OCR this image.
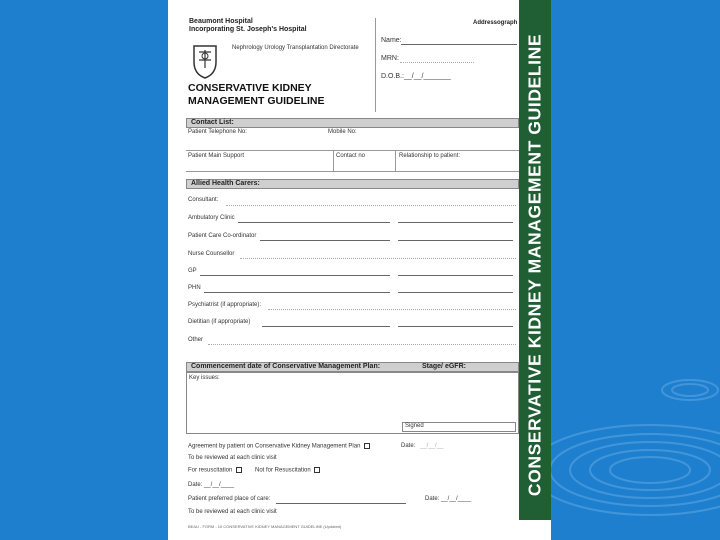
CONSERVATIVE KIDNEY MANAGEMENT GUIDELINE
Beaumont Hospital
Incorporating St. Joseph's Hospital
Nephrology Urology Transplantation Directorate
CONSERVATIVE KIDNEY
MANAGEMENT GUIDELINE
Addressograph
Name:
MRN:
D.O.B.: __/__/_______
Contact List:
Patient Telephone No:	Mobile No:
Patient Main Support	Contact no	Relationship to patient:
Allied Health Carers:
Consultant:
Ambulatory Clinic
Patient Care Co-ordinator
Nurse Counsellor
GP
PHN
Psychiatrist (if appropriate):
Dietitian (if appropriate)
Other
Commencement date of Conservative Management Plan:	Stage/ eGFR:
Key issues:
Signed
Agreement by patient on Conservative Kidney Management Plan	Date: __/__/__
To be reviewed at each clinic visit
For resuscitation	Not for Resuscitation
Date: __/__/____
Patient preferred place of care:	Date: __/__/____
To be reviewed at each clinic visit
BEAU - FORM - 10 CONSERVATIVE KIDNEY MANAGEMENT GUIDELINE (Updated)
